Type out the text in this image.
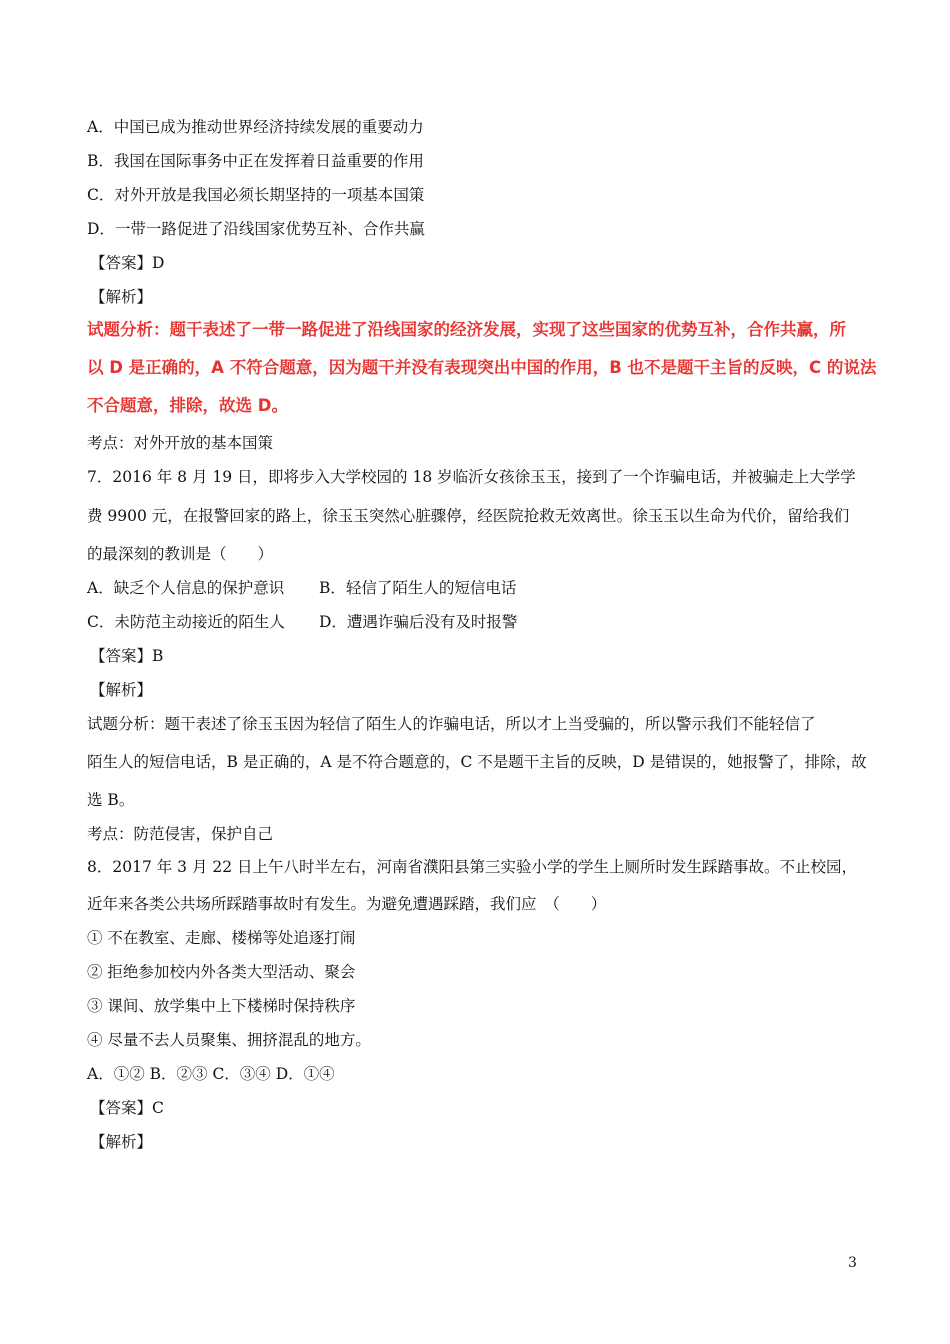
A．中国已成为推动世界经济持续发展的重要动力
B．我国在国际事务中正在发挥着日益重要的作用
C．对外开放是我国必须长期坚持的一项基本国策
D．一带一路促进了沿线国家优势互补、合作共赢
【答案】D
【解析】
试题分析：题干表述了一带一路促进了沿线国家的经济发展，实现了这些国家的优势互补，合作共赢，所
以 D 是正确的，A 不符合题意，因为题干并没有表现突出中国的作用，B 也不是题干主旨的反映，C 的说法
不合题意，排除，故选 D。
考点：对外开放的基本国策
7．2016 年 8 月 19 日，即将步入大学校园的 18 岁临沂女孩徐玉玉，接到了一个诈骗电话，并被骗走上大学学
费 9900 元，在报警回家的路上，徐玉玉突然心脏骤停，经医院抢救无效离世。徐玉玉以生命为代价，留给我们
的最深刻的教训是（　　）
A．缺乏个人信息的保护意识 B．轻信了陌生人的短信电话
C．未防范主动接近的陌生人 D．遭遇诈骗后没有及时报警
【答案】B
【解析】
试题分析：题干表述了徐玉玉因为轻信了陌生人的诈骗电话，所以才上当受骗的，所以警示我们不能轻信了
陌生人的短信电话，B 是正确的，A 是不符合题意的，C 不是题干主旨的反映，D 是错误的，她报警了，排除，故
选 B。
考点：防范侵害，保护自己
8．2017 年 3 月 22 日上午八时半左右，河南省濮阳县第三实验小学的学生上厕所时发生踩踏事故。不止校园，
近年来各类公共场所踩踏事故时有发生。为避免遭遇踩踏，我们应　（　　）
① 不在教室、走廊、楼梯等处追逐打闹
② 拒绝参加校内外各类大型活动、聚会
③ 课间、放学集中上下楼梯时保持秩序
④ 尽量不去人员聚集、拥挤混乱的地方。
A．①② B．②③ C．③④ D．①④
【答案】C
【解析】
3
